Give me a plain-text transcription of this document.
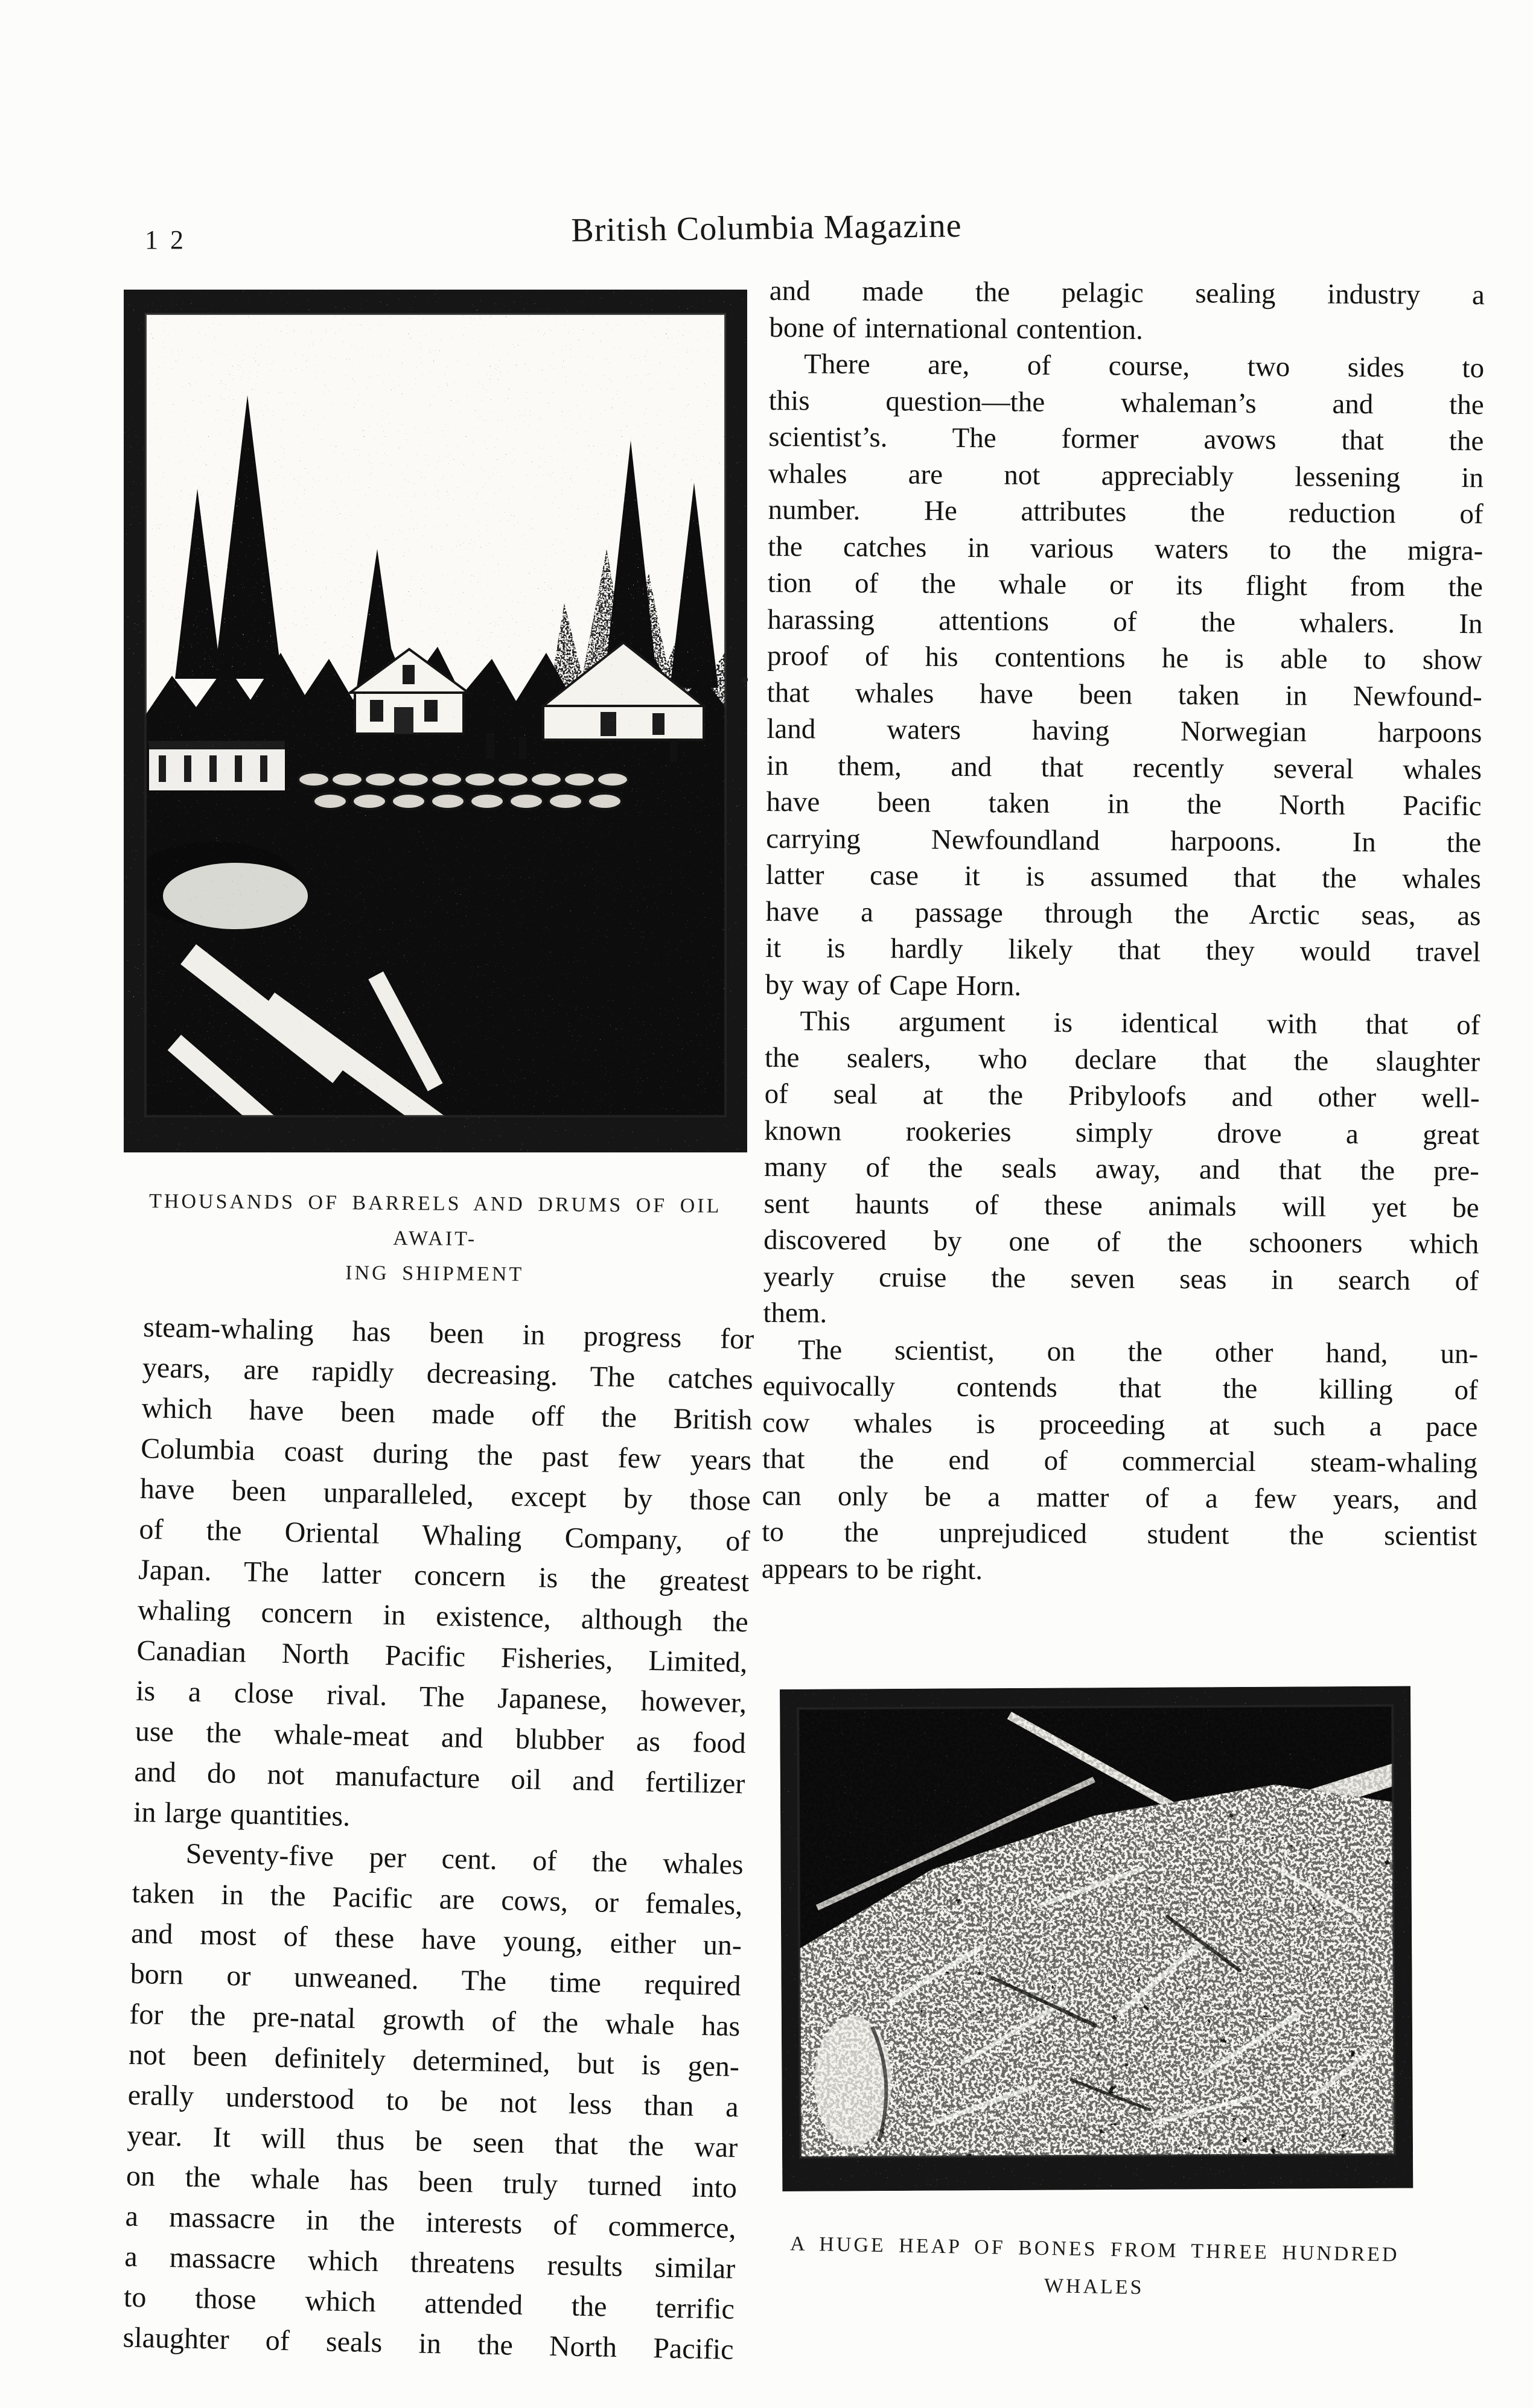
12	British Columbia Magazine
THOUSANDS OF BARRELS AND DRUMS OF OIL AWAIT-
ING SHIPMENT
steam-whaling has been in progress for
years, are rapidly decreasing. The catches
which have been made off the British
Columbia coast during the past few years
have been unparalleled, except by those
of the Oriental Whaling Company, of
Japan. The latter concern is the greatest
whaling concern in existence, although the
Canadian North Pacific Fisheries, Limited,
is a close rival. The Japanese, however,
use the whale-meat and blubber as food
and do not manufacture oil and fertilizer
in large quantities.
Seventy-five per cent. of the whales
taken in the Pacific are cows, or females,
and most of these have young, either un-
born or unweaned. The time required
for the pre-natal growth of the whale has
not been definitely determined, but is gen-
erally understood to be not less than a
year. It will thus be seen that the war
on the whale has been truly turned into
a massacre in the interests of commerce,
a massacre which threatens results similar
to those which attended the terrific
slaughter of seals in the North Pacific
and made the pelagic sealing industry a
bone of international contention.
There are, of course, two sides to
this question—the whaleman’s and the
scientist’s. The former avows that the
whales are not appreciably lessening in
number. He attributes the reduction of
the catches in various waters to the migra-
tion of the whale or its flight from the
harassing attentions of the whalers. In
proof of his contentions he is able to show
that whales have been taken in Newfound-
land waters having Norwegian harpoons
in them, and that recently several whales
have been taken in the North Pacific
carrying Newfoundland harpoons. In the
latter case it is assumed that the whales
have a passage through the Arctic seas, as
it is hardly likely that they would travel
by way of Cape Horn.
This argument is identical with that of
the sealers, who declare that the slaughter
of seal at the Pribyloofs and other well-
known rookeries simply drove a great
many of the seals away, and that the pre-
sent haunts of these animals will yet be
discovered by one of the schooners which
yearly cruise the seven seas in search of
them.
The scientist, on the other hand, un-
equivocally contends that the killing of
cow whales is proceeding at such a pace
that the end of commercial steam-whaling
can only be a matter of a few years, and
to the unprejudiced student the scientist
appears to be right.
A HUGE HEAP OF BONES FROM THREE HUNDRED
WHALES
